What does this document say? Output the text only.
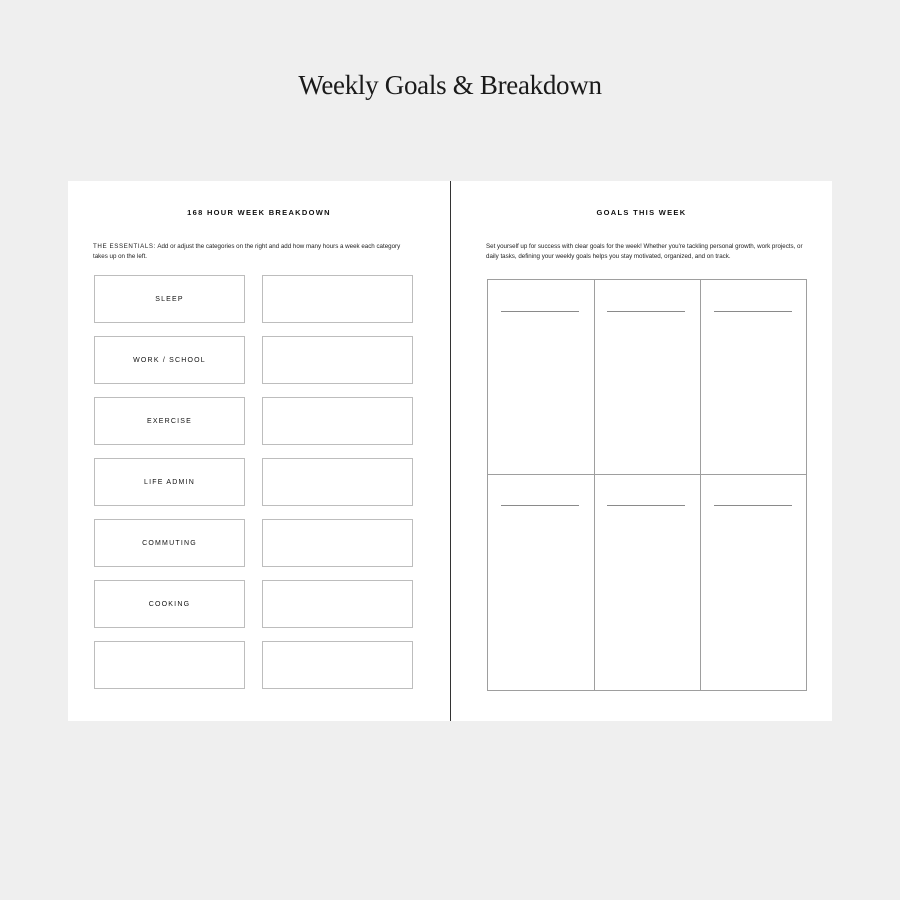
Weekly Goals & Breakdown
168 HOUR WEEK BREAKDOWN
THE ESSENTIALS: Add or adjust the categories on the right and add how many hours a week each category takes up on the left.
SLEEP
WORK / SCHOOL
EXERCISE
LIFE ADMIN
COMMUTING
COOKING
GOALS THIS WEEK
Set yourself up for success with clear goals for the week! Whether you're tackling personal growth, work projects, or daily tasks, defining your weekly goals helps you stay motivated, organized, and on track.
